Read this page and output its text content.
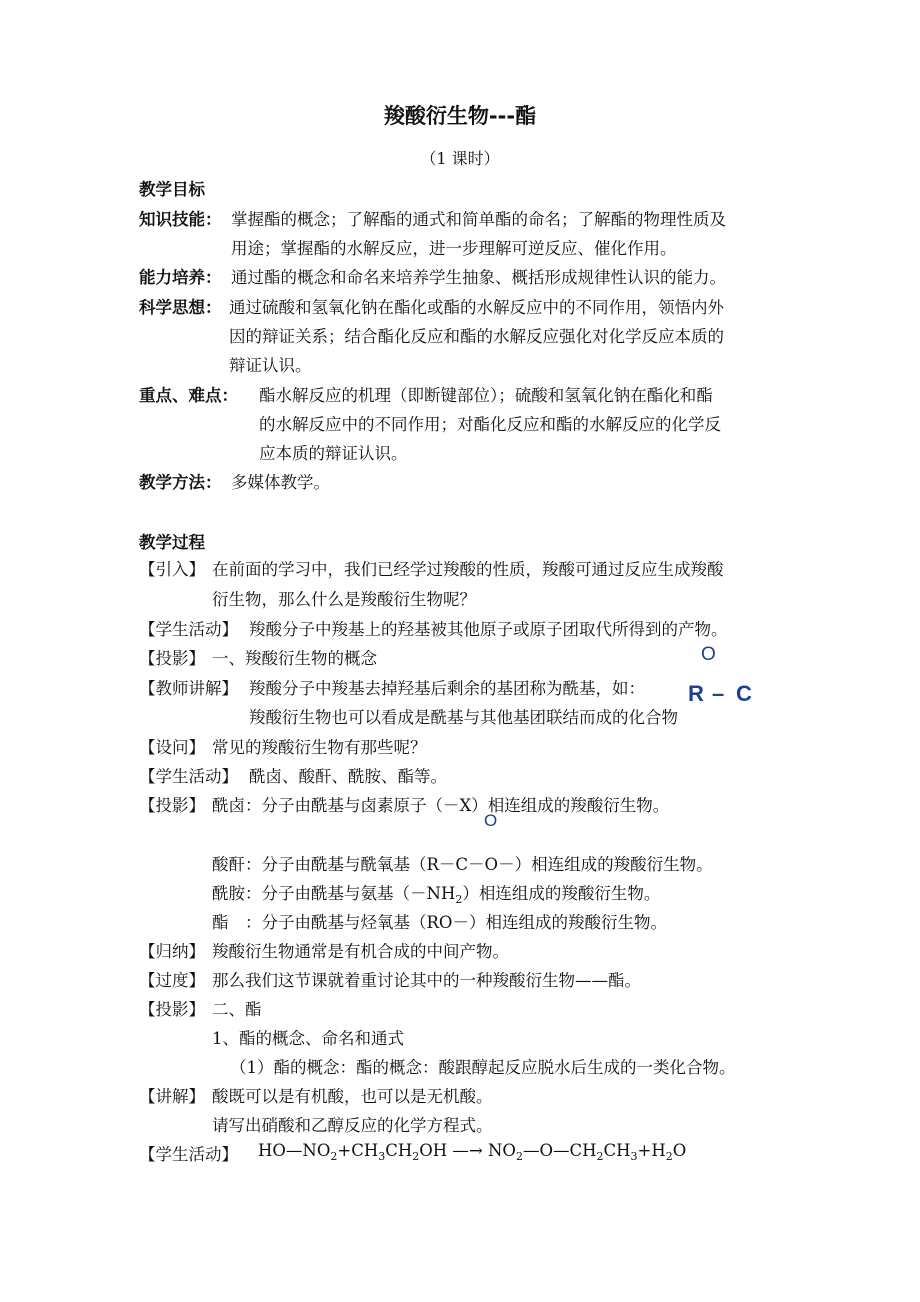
羧酸衍生物---酯
（1 课时）
教学目标
知识技能： 掌握酯的概念；了解酯的通式和简单酯的命名；了解酯的物理性质及
用途；掌握酯的水解反应，进一步理解可逆反应、催化作用。
能力培养： 通过酯的概念和命名来培养学生抽象、概括形成规律性认识的能力。
科学思想： 通过硫酸和氢氧化钠在酯化或酯的水解反应中的不同作用，领悟内外
因的辩证关系；结合酯化反应和酯的水解反应强化对化学反应本质的
辩证认识。
重点、难点： 酯水解反应的机理（即断键部位）；硫酸和氢氧化钠在酯化和酯
的水解反应中的不同作用；对酯化反应和酯的水解反应的化学反
应本质的辩证认识。
教学方法： 多媒体教学。
教学过程
【引入】 在前面的学习中，我们已经学过羧酸的性质，羧酸可通过反应生成羧酸
衍生物，那么什么是羧酸衍生物呢？
【学生活动】 羧酸分子中羧基上的羟基被其他原子或原子团取代所得到的产物。
【投影】 一、羧酸衍生物的概念	O
【教师讲解】 羧酸分子中羧基去掉羟基后剩余的基团称为酰基，如： R – C
羧酸衍生物也可以看成是酰基与其他基团联结而成的化合物
【设问】 常见的羧酸衍生物有那些呢？
【学生活动】 酰卤、酸酐、酰胺、酯等。
【投影】 酰卤：分子由酰基与卤素原子（－X）相连组成的羧酸衍生物。
O
酸酐：分子由酰基与酰氧基（R－C－O－）相连组成的羧酸衍生物。
酰胺：分子由酰基与氨基$(-NH_2)$相连组成的羧酸衍生物。
酯　：分子由酰基与烃氧基（RO－）相连组成的羧酸衍生物。
【归纳】 羧酸衍生物通常是有机合成的中间产物。
【过度】 那么我们这节课就着重讨论其中的一种羧酸衍生物——酯。
【投影】 二、酯
1、酯的概念、命名和通式
（1）酯的概念：酯的概念：酸跟醇起反应脱水后生成的一类化合物。
【讲解】 酸既可以是有机酸，也可以是无机酸。
请写出硝酸和乙醇反应的化学方程式。
【学生活动】 $HO—NO_2+CH_3CH_2OH$ —→ $NO_2—O—CH_2CH_3+H_2O$
